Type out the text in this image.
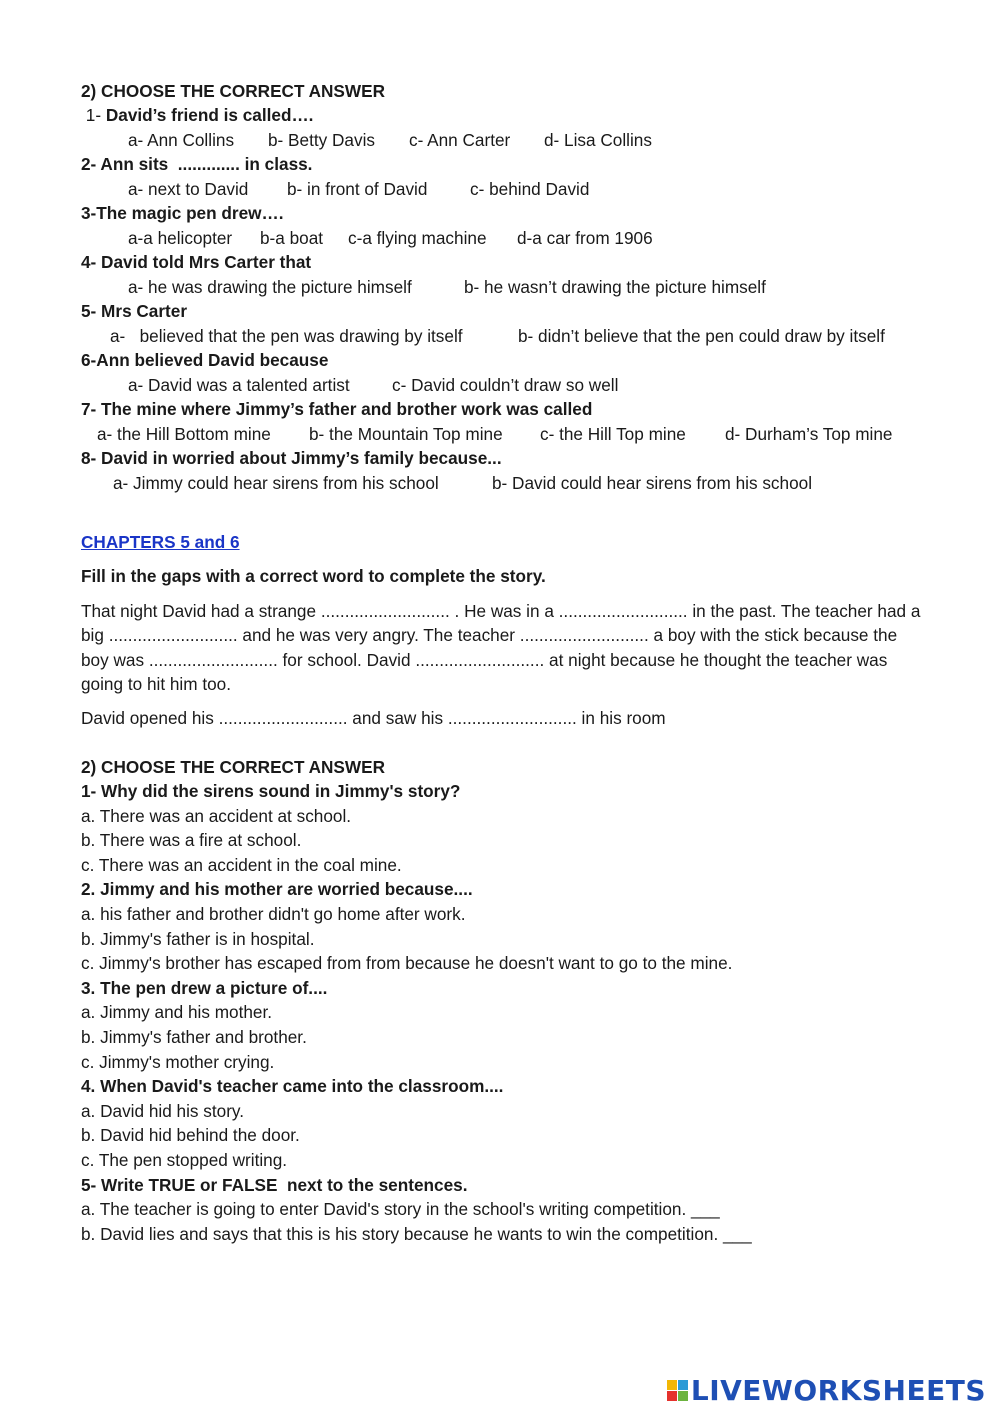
2) CHOOSE THE CORRECT ANSWER
1- David’s friend is called….
a- Ann Collins b- Betty Davis c- Ann Carter d- Lisa Collins
2- Ann sits  ............. in class.
a- next to David b- in front of David c- behind David
3-The magic pen drew….
a-a helicopter b-a boat c-a flying machine d-a car from 1906
4- David told Mrs Carter that
a- he was drawing the picture himself	b- he wasn’t drawing the picture himself
5- Mrs Carter
a-   believed that the pen was drawing by itself	b- didn’t believe that the pen could draw by itself
6-Ann believed David because
a- David was a talented artist c- David couldn’t draw so well
7- The mine where Jimmy’s father and brother work was called
a- the Hill Bottom mine b- the Mountain Top mine c- the Hill Top mine d- Durham’s Top mine
8- David in worried about Jimmy’s family because...
a- Jimmy could hear sirens from his school	b- David could hear sirens from his school
CHAPTERS 5 and 6
Fill in the gaps with a correct word to complete the story.
That night David had a strange ........................... . He was in a ........................... in the past. The teacher had a big ........................... and he was very angry. The teacher ........................... a boy with the stick because the boy was ........................... for school. David ........................... at night because he thought the teacher was going to hit him too.
David opened his ........................... and saw his ........................... in his room
2) CHOOSE THE CORRECT ANSWER
1- Why did the sirens sound in Jimmy's story?
a. There was an accident at school.
b. There was a fire at school.
c. There was an accident in the coal mine.
2. Jimmy and his mother are worried because....
a. his father and brother didn't go home after work.
b. Jimmy's father is in hospital.
c. Jimmy's brother has escaped from from because he doesn't want to go to the mine.
3. The pen drew a picture of....
a. Jimmy and his mother.
b. Jimmy's father and brother.
c. Jimmy's mother crying.
4. When David's teacher came into the classroom....
a. David hid his story.
b. David hid behind the door.
c. The pen stopped writing.
5- Write TRUE or FALSE  next to the sentences.
a. The teacher is going to enter David's story in the school's writing competition. ___
b. David lies and says that this is his story because he wants to win the competition. ___
LIVEWORKSHEETS
